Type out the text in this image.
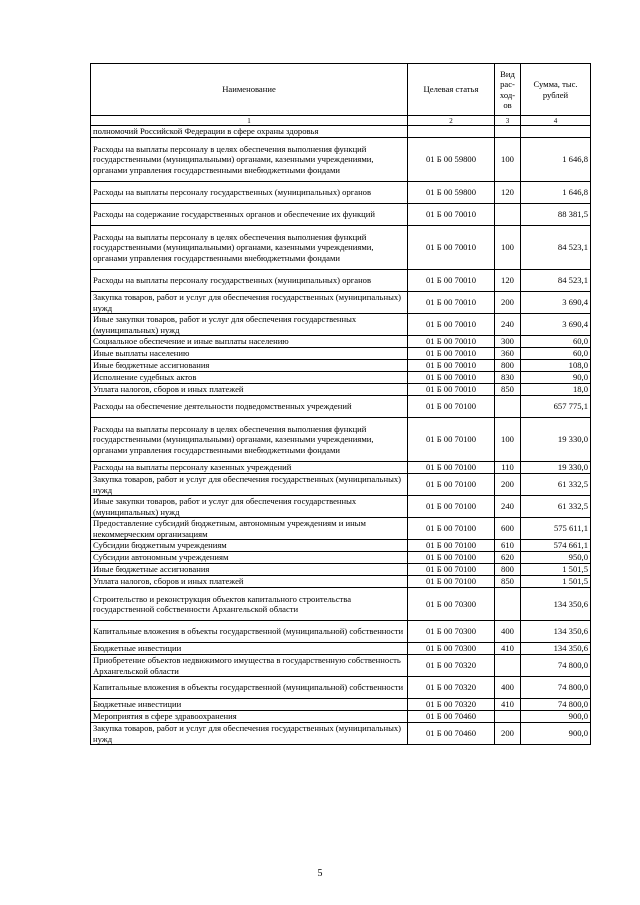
Наименование	Целевая статья	Вид рас-ход-ов	Сумма, тыс. рублей
1	2	3	4
полномочий Российской Федерации в сфере охраны здоровья			
Расходы на выплаты персоналу в целях обеспечения выполнения функций государственными (муниципальными) органами, казенными учреждениями, органами управления государственными внебюджетными фондами	01 Б 00 59800	100	1 646,8
Расходы на выплаты персоналу государственных (муниципальных) органов	01 Б 00 59800	120	1 646,8
Расходы на содержание государственных органов и обеспечение их функций	01 Б 00 70010		88 381,5
Расходы на выплаты персоналу в целях обеспечения выполнения функций государственными (муниципальными) органами, казенными учреждениями, органами управления государственными внебюджетными фондами	01 Б 00 70010	100	84 523,1
Расходы на выплаты персоналу государственных (муниципальных) органов	01 Б 00 70010	120	84 523,1
Закупка товаров, работ и услуг для обеспечения государственных (муниципальных) нужд	01 Б 00 70010	200	3 690,4
Иные закупки товаров, работ и услуг для обеспечения государственных (муниципальных) нужд	01 Б 00 70010	240	3 690,4
Социальное обеспечение и иные выплаты населению	01 Б 00 70010	300	60,0
Иные выплаты населению	01 Б 00 70010	360	60,0
Иные бюджетные ассигнования	01 Б 00 70010	800	108,0
Исполнение судебных актов	01 Б 00 70010	830	90,0
Уплата налогов, сборов и иных платежей	01 Б 00 70010	850	18,0
Расходы на обеспечение деятельности подведомственных учреждений	01 Б 00 70100		657 775,1
Расходы на выплаты персоналу в целях обеспечения выполнения функций государственными (муниципальными) органами, казенными учреждениями, органами управления государственными внебюджетными фондами	01 Б 00 70100	100	19 330,0
Расходы на выплаты персоналу казенных учреждений	01 Б 00 70100	110	19 330,0
Закупка товаров, работ и услуг для обеспечения государственных (муниципальных) нужд	01 Б 00 70100	200	61 332,5
Иные закупки товаров, работ и услуг для обеспечения государственных (муниципальных) нужд	01 Б 00 70100	240	61 332,5
Предоставление субсидий бюджетным, автономным учреждениям и иным некоммерческим организациям	01 Б 00 70100	600	575 611,1
Субсидии бюджетным учреждениям	01 Б 00 70100	610	574 661,1
Субсидии автономным учреждениям	01 Б 00 70100	620	950,0
Иные бюджетные ассигнования	01 Б 00 70100	800	1 501,5
Уплата налогов, сборов и иных платежей	01 Б 00 70100	850	1 501,5
Строительство и реконструкция объектов капитального строительства государственной собственности Архангельской области	01 Б 00 70300		134 350,6
Капитальные вложения в объекты государственной (муниципальной) собственности	01 Б 00 70300	400	134 350,6
Бюджетные инвестиции	01 Б 00 70300	410	134 350,6
Приобретение объектов недвижимого имущества в государственную собственность Архангельской области	01 Б 00 70320		74 800,0
Капитальные вложения в объекты государственной (муниципальной) собственности	01 Б 00 70320	400	74 800,0
Бюджетные инвестиции	01 Б 00 70320	410	74 800,0
Мероприятия в сфере здравоохранения	01 Б 00 70460		900,0
Закупка товаров, работ и услуг для обеспечения государственных (муниципальных) нужд	01 Б 00 70460	200	900,0
5
